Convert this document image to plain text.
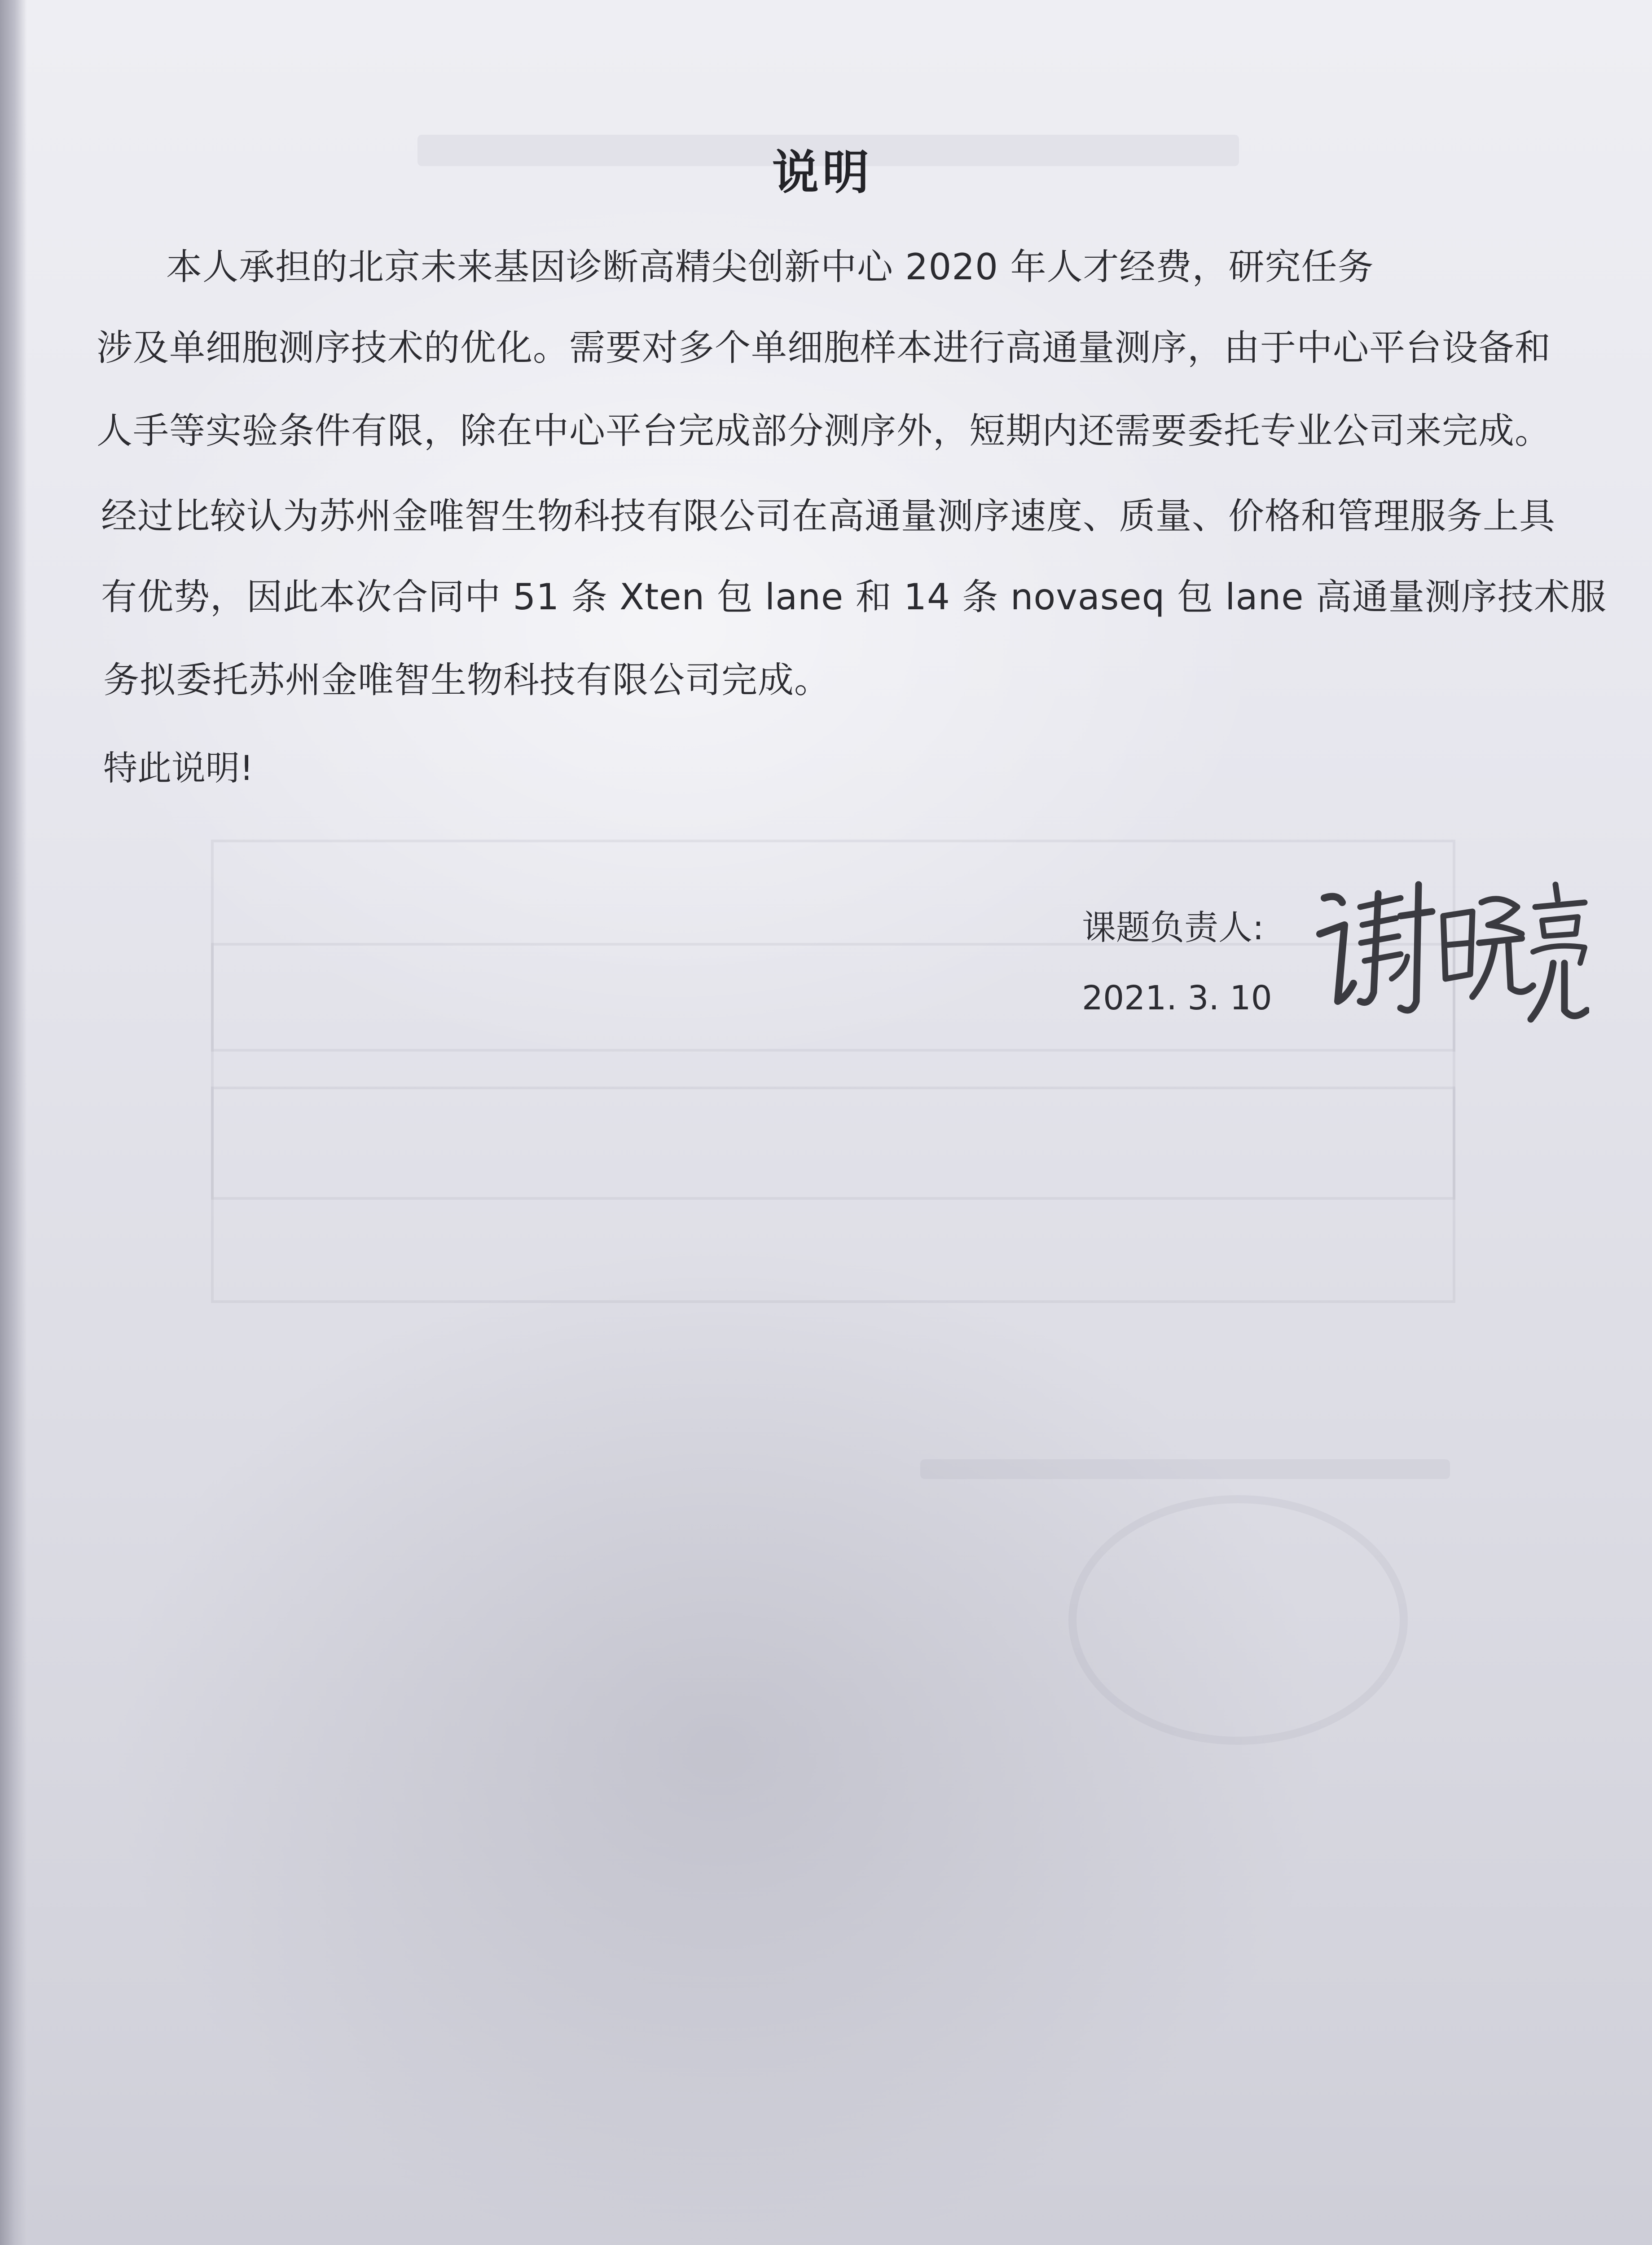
说明
本人承担的北京未来基因诊断高精尖创新中心 2020 年人才经费，研究任务
涉及单细胞测序技术的优化。需要对多个单细胞样本进行高通量测序，由于中心平台设备和
人手等实验条件有限，除在中心平台完成部分测序外，短期内还需要委托专业公司来完成。
经过比较认为苏州金唯智生物科技有限公司在高通量测序速度、质量、价格和管理服务上具
有优势，因此本次合同中 51 条 Xten 包 lane 和 14 条 novaseq 包 lane 高通量测序技术服
务拟委托苏州金唯智生物科技有限公司完成。
特此说明!
课题负责人:
2021. 3. 10
